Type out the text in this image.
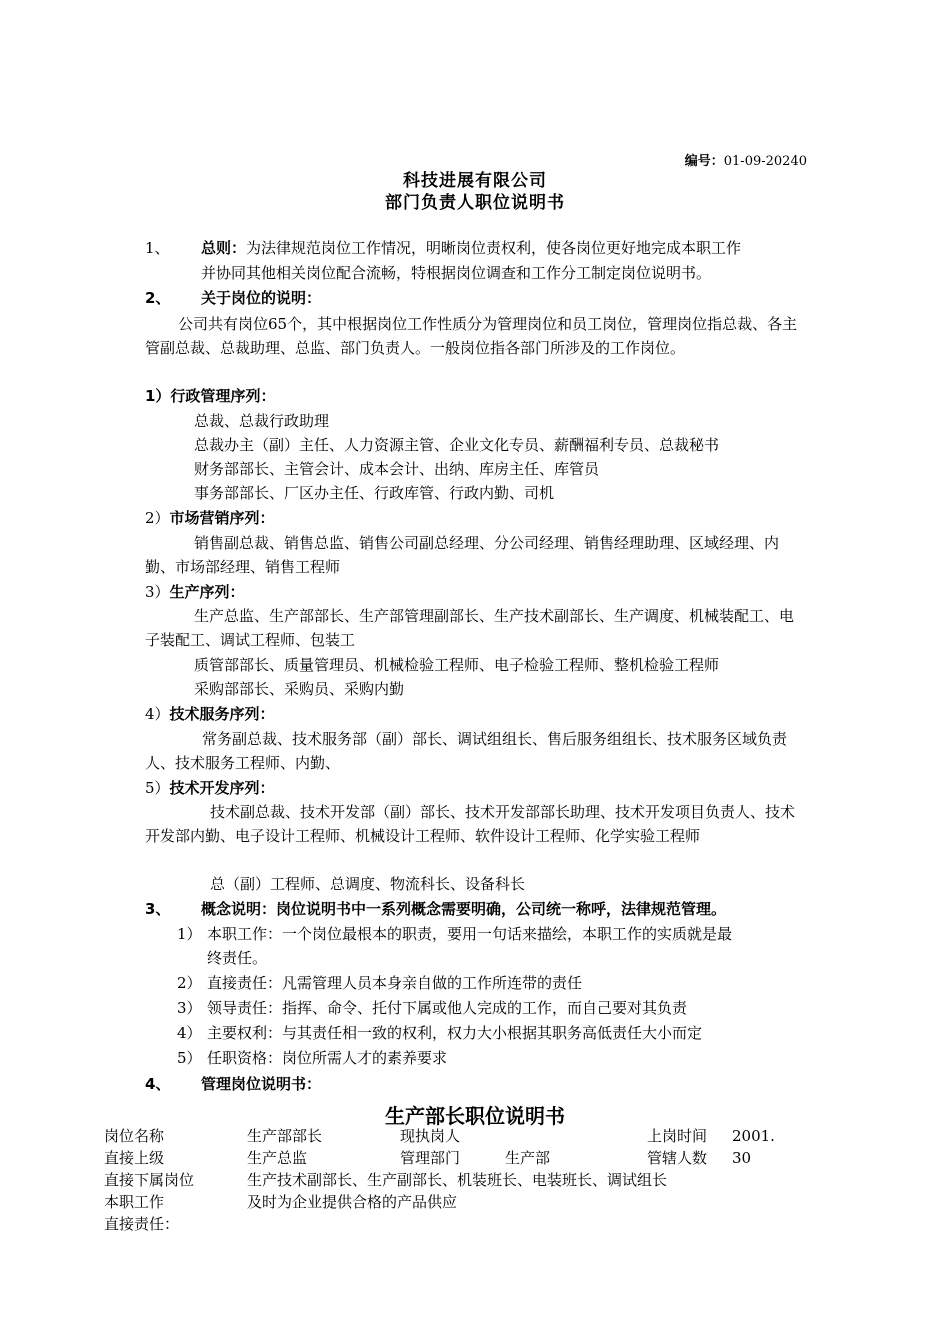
编号：01-09-20240
科技进展有限公司
部门负责人职位说明书
1、 总则：为法律规范岗位工作情况，明晰岗位责权利，使各岗位更好地完成本职工作
并协同其他相关岗位配合流畅，特根据岗位调查和工作分工制定岗位说明书。
2、 关于岗位的说明：
公司共有岗位65个，其中根据岗位工作性质分为管理岗位和员工岗位，管理岗位指总裁、各主管副总裁、总裁助理、总监、部门负责人。一般岗位指各部门所涉及的工作岗位。
1）行政管理序列：
总裁、总裁行政助理
总裁办主（副）主任、人力资源主管、企业文化专员、薪酬福利专员、总裁秘书
财务部部长、主管会计、成本会计、出纳、库房主任、库管员
事务部部长、厂区办主任、行政库管、行政内勤、司机
2）市场营销序列：
销售副总裁、销售总监、销售公司副总经理、分公司经理、销售经理助理、区域经理、内勤、市场部经理、销售工程师
3）生产序列：
生产总监、生产部部长、生产部管理副部长、生产技术副部长、生产调度、机械装配工、电子装配工、调试工程师、包装工
质管部部长、质量管理员、机械检验工程师、电子检验工程师、整机检验工程师
采购部部长、采购员、采购内勤
4）技术服务序列：
常务副总裁、技术服务部（副）部长、调试组组长、售后服务组组长、技术服务区域负责人、技术服务工程师、内勤、
5）技术开发序列：
技术副总裁、技术开发部（副）部长、技术开发部部长助理、技术开发项目负责人、技术开发部内勤、电子设计工程师、机械设计工程师、软件设计工程师、化学实验工程师
总（副）工程师、总调度、物流科长、设备科长
3、 概念说明：岗位说明书中一系列概念需要明确，公司统一称呼，法律规范管理。
1） 本职工作：一个岗位最根本的职责，要用一句话来描绘，本职工作的实质就是最
终责任。
2） 直接责任：凡需管理人员本身亲自做的工作所连带的责任
3） 领导责任：指挥、命令、托付下属或他人完成的工作，而自己要对其负责
4） 主要权利：与其责任相一致的权利，权力大小根据其职务高低责任大小而定
5） 任职资格：岗位所需人才的素养要求
4、 管理岗位说明书：
生产部长职位说明书
岗位名称	生产部部长	现执岗人		上岗时间	2001.
直接上级	生产总监	管理部门	生产部	管辖人数	30
直接下属岗位	生产技术副部长、生产副部长、机装班长、电装班长、调试组长				
本职工作	及时为企业提供合格的产品供应				
直接责任：					
